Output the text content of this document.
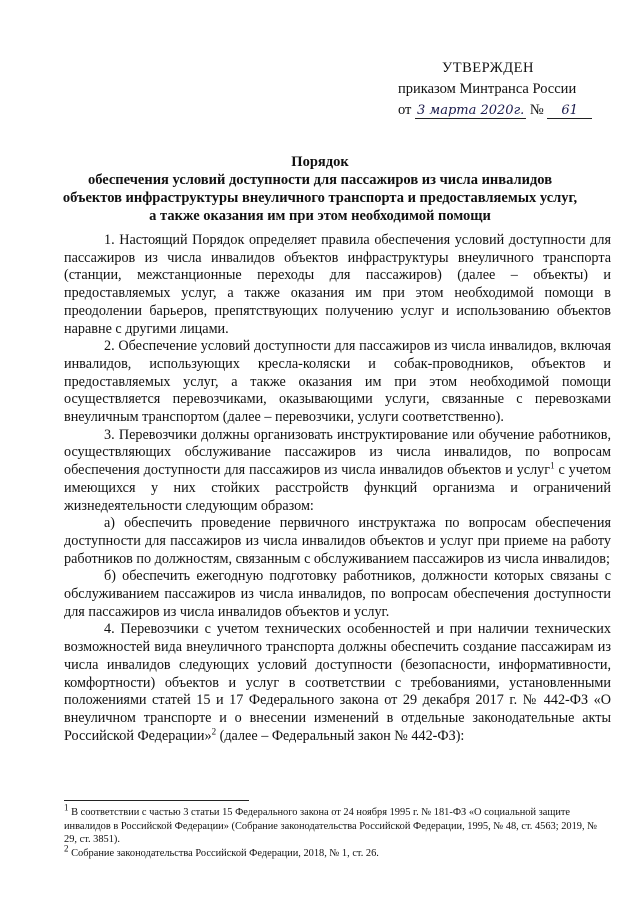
УТВЕРЖДЕН
приказом Минтранса России
от 3 марта 2020г. № 61
Порядок
обеспечения условий доступности для пассажиров из числа инвалидов
объектов инфраструктуры внеуличного транспорта и предоставляемых услуг,
а также оказания им при этом необходимой помощи

1. Настоящий Порядок определяет правила обеспечения условий доступности для пассажиров из числа инвалидов объектов инфраструктуры внеуличного транспорта (станции, межстанционные переходы для пассажиров) (далее – объекты) и предоставляемых услуг, а также оказания им при этом необходимой помощи в преодолении барьеров, препятствующих получению услуг и использованию объектов наравне с другими лицами.

2. Обеспечение условий доступности для пассажиров из числа инвалидов, включая инвалидов, использующих кресла-коляски и собак-проводников, объектов и предоставляемых услуг, а также оказания им при этом необходимой помощи осуществляется перевозчиками, оказывающими услуги, связанные с перевозками внеуличным транспортом (далее – перевозчики, услуги соответственно).

3. Перевозчики должны организовать инструктирование или обучение работников, осуществляющих обслуживание пассажиров из числа инвалидов, по вопросам обеспечения доступности для пассажиров из числа инвалидов объектов и услуг$^1$ с учетом имеющихся у них стойких расстройств функций организма и ограничений жизнедеятельности следующим образом:

а) обеспечить проведение первичного инструктажа по вопросам обеспечения доступности для пассажиров из числа инвалидов объектов и услуг при приеме на работу работников по должностям, связанным с обслуживанием пассажиров из числа инвалидов;

б) обеспечить ежегодную подготовку работников, должности которых связаны с обслуживанием пассажиров из числа инвалидов, по вопросам обеспечения доступности для пассажиров из числа инвалидов объектов и услуг.

4. Перевозчики с учетом технических особенностей и при наличии технических возможностей вида внеуличного транспорта должны обеспечить создание пассажирам из числа инвалидов следующих условий доступности (безопасности, информативности, комфортности) объектов и услуг в соответствии с требованиями, установленными положениями статей 15 и 17 Федерального закона от 29 декабря 2017 г. № 442-ФЗ «О внеуличном транспорте и о внесении изменений в отдельные законодательные акты Российской Федерации»$^2$ (далее – Федеральный закон № 442-ФЗ):

$^1$ В соответствии с частью 3 статьи 15 Федерального закона от 24 ноября 1995 г. № 181-ФЗ «О социальной защите инвалидов в Российской Федерации» (Собрание законодательства Российской Федерации, 1995, № 48, ст. 4563; 2019, № 29, ст. 3851).

$^2$ Собрание законодательства Российской Федерации, 2018, № 1, ст. 26.
